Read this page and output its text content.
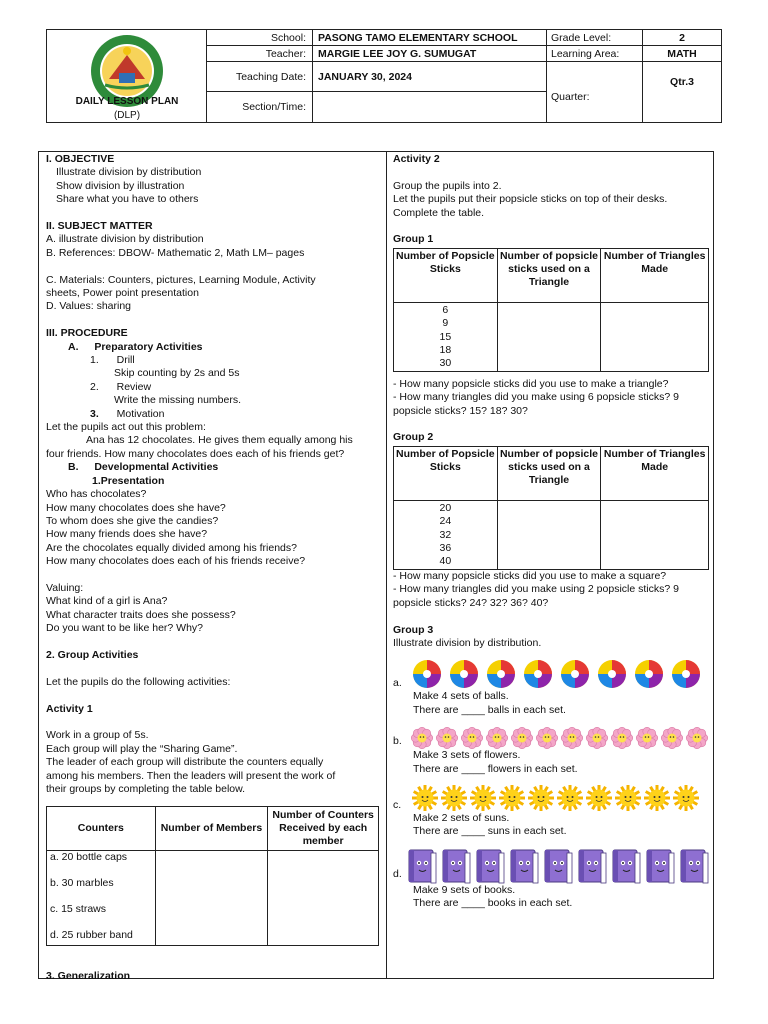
DAILY LESSON PLAN
(DLP)
School:	PASONG TAMO ELEMENTARY SCHOOL	Grade Level:	2
Teacher:	MARGIE LEE JOY G. SUMUGAT	Learning Area:	MATH
Teaching Date:	JANUARY 30, 2024
Section/Time:
Quarter:
Qtr.3
I. OBJECTIVE
Illustrate division by distribution
Show division by illustration
Share what you have to others
II. SUBJECT MATTER
A. illustrate division by distribution
B. References: DBOW- Mathematic 2, Math LM– pages
C. Materials: Counters, pictures, Learning Module, Activity
sheets, Power point presentation
D. Values: sharing
III. PROCEDURE
A. Preparatory Activities
1. Drill
Skip counting by 2s and 5s
2. Review
Write the missing numbers.
3. Motivation
Let the pupils act out this problem:
Ana has 12 chocolates. He gives them equally among his
four friends. How many chocolates does each of his friends get?
B. Developmental Activities
1.Presentation
Who has chocolates?
How many chocolates does she have?
To whom does she give the candies?
How many friends does she have?
Are the chocolates equally divided among his friends?
How many chocolates does each of his friends receive?
Valuing:
What kind of a girl is Ana?
What character traits does she possess?
Do you want to be like her? Why?
2. Group Activities
Let the pupils do the following activities:
Activity 1
Work in a group of 5s.
Each group will play the “Sharing Game”.
The leader of each group will distribute the counters equally
among his members. Then the leaders will present the work of
their groups by completing the table below.
Counters	Number of Members	Number of Counters Received by each member
a. 20 bottle caps		
b. 30 marbles		
c. 15 straws		
d. 25 rubber band		
3. Generalization
Activity 2
Group the pupils into 2.
Let the pupils put their popsicle sticks on top of their desks.
Complete the table.
Group 1
Number of Popsicle Sticks	Number of popsicle sticks used on a Triangle	Number of Triangles Made

6
9
15
18
30		

- How many popsicle sticks did you use to make a triangle?
- How many triangles did you make using 6 popsicle sticks? 9
popsicle sticks? 15? 18? 30?
Group 2
Number of Popsicle Sticks	Number of popsicle sticks used on a Triangle	Number of Triangles Made

20
24
32
36
40		

- How many popsicle sticks did you use to make a square?
- How many triangles did you make using 2 popsicle sticks? 9
popsicle sticks? 24? 32? 36? 40?
Group 3
Illustrate division by distribution.
a.
Make 4 sets of balls.
There are ____ balls in each set.
b.
Make 3 sets of flowers.
There are ____ flowers in each set.
c.
Make 2 sets of suns.
There are ____ suns in each set.
d.
Make 9 sets of books.
There are ____ books in each set.
